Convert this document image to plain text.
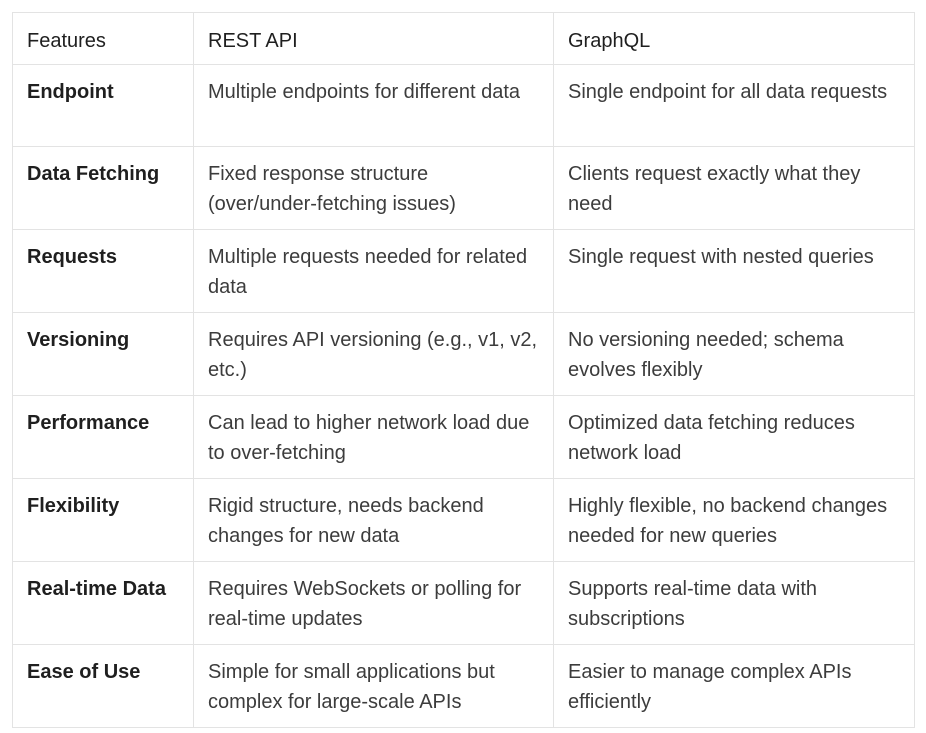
Features	REST API	GraphQL
Endpoint	Multiple endpoints for different data	Single endpoint for all data requests
Data Fetching	Fixed response structure (over/under-fetching issues)	Clients request exactly what they need
Requests	Multiple requests needed for related data	Single request with nested queries
Versioning	Requires API versioning (e.g., v1, v2, etc.)	No versioning needed; schema evolves flexibly
Performance	Can lead to higher network load due to over-fetching	Optimized data fetching reduces network load
Flexibility	Rigid structure, needs backend changes for new data	Highly flexible, no backend changes needed for new queries
Real-time Data	Requires WebSockets or polling for real-time updates	Supports real-time data with subscriptions
Ease of Use	Simple for small applications but complex for large-scale APIs	Easier to manage complex APIs efficiently
